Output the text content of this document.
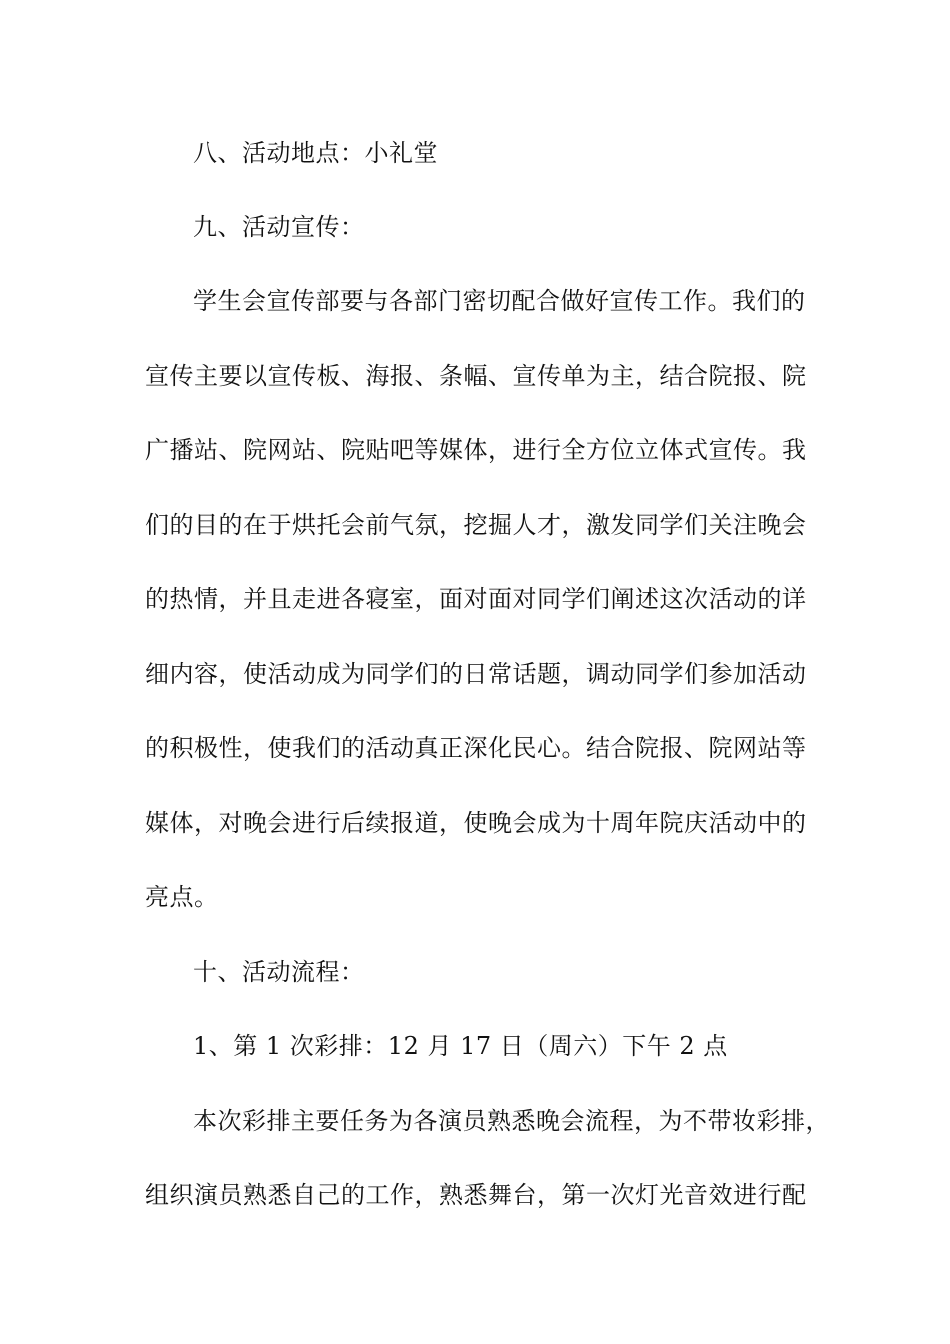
八、活动地点：小礼堂
九、活动宣传：
学生会宣传部要与各部门密切配合做好宣传工作。我们的
宣传主要以宣传板、海报、条幅、宣传单为主，结合院报、院
广播站、院网站、院贴吧等媒体，进行全方位立体式宣传。我
们的目的在于烘托会前气氛，挖掘人才，激发同学们关注晚会
的热情，并且走进各寝室，面对面对同学们阐述这次活动的详
细内容，使活动成为同学们的日常话题，调动同学们参加活动
的积极性，使我们的活动真正深化民心。结合院报、院网站等
媒体，对晚会进行后续报道，使晚会成为十周年院庆活动中的
亮点。
十、活动流程：
1、第 1 次彩排：12 月 17 日（周六）下午 2 点
本次彩排主要任务为各演员熟悉晚会流程，为不带妆彩排，
组织演员熟悉自己的工作，熟悉舞台，第一次灯光音效进行配
